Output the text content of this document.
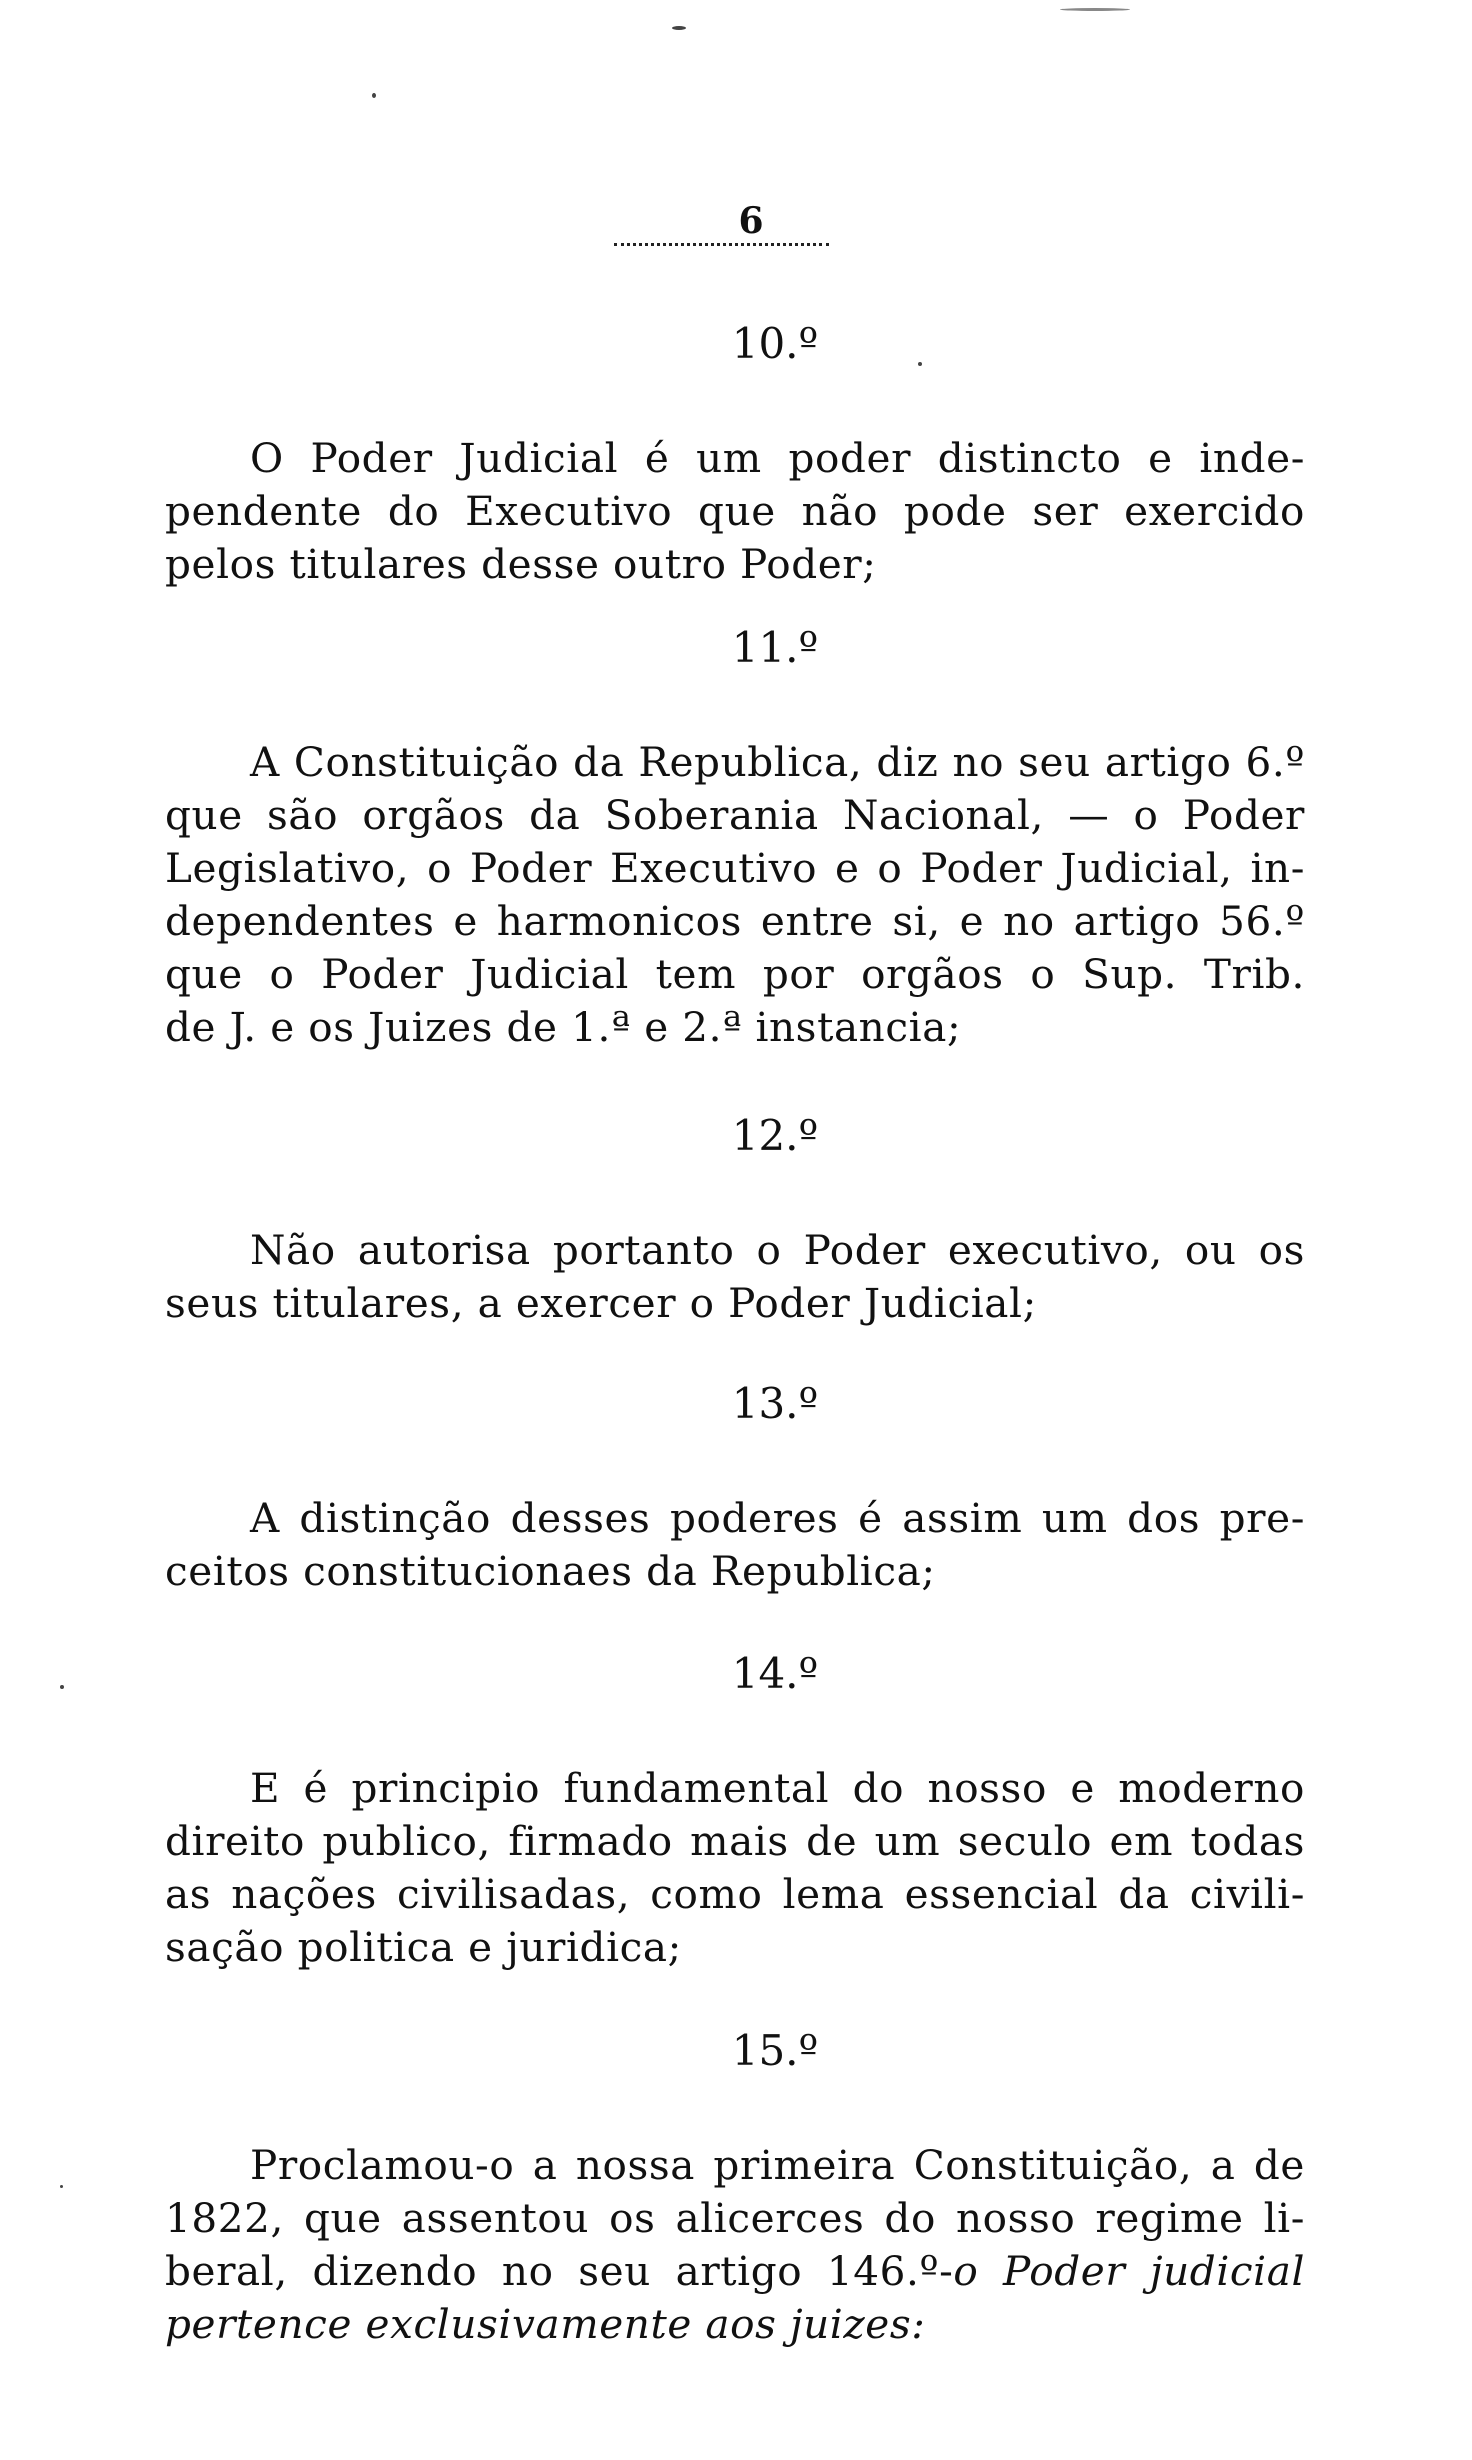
6
10.º
O Poder Judicial é um poder distincto e inde-
pendente do Executivo que não pode ser exercido
pelos titulares desse outro Poder;
11.º
A Constituição da Republica, diz no seu artigo 6.º
que são orgãos da Soberania Nacional, — o Poder
Legislativo, o Poder Executivo e o Poder Judicial, in-
dependentes e harmonicos entre si, e no artigo 56.º
que o Poder Judicial tem por orgãos o Sup. Trib.
de J. e os Juizes de 1.ª e 2.ª instancia;
12.º
Não autorisa portanto o Poder executivo, ou os
seus titulares, a exercer o Poder Judicial;
13.º
A distinção desses poderes é assim um dos pre-
ceitos constitucionaes da Republica;
14.º
E é principio fundamental do nosso e moderno
direito publico, firmado mais de um seculo em todas
as nações civilisadas, como lema essencial da civili-
sação politica e juridica;
15.º
Proclamou-o a nossa primeira Constituição, a de
1822, que assentou os alicerces do nosso regime li-
beral, dizendo no seu artigo 146.º-o Poder judicial
pertence exclusivamente aos juizes:
